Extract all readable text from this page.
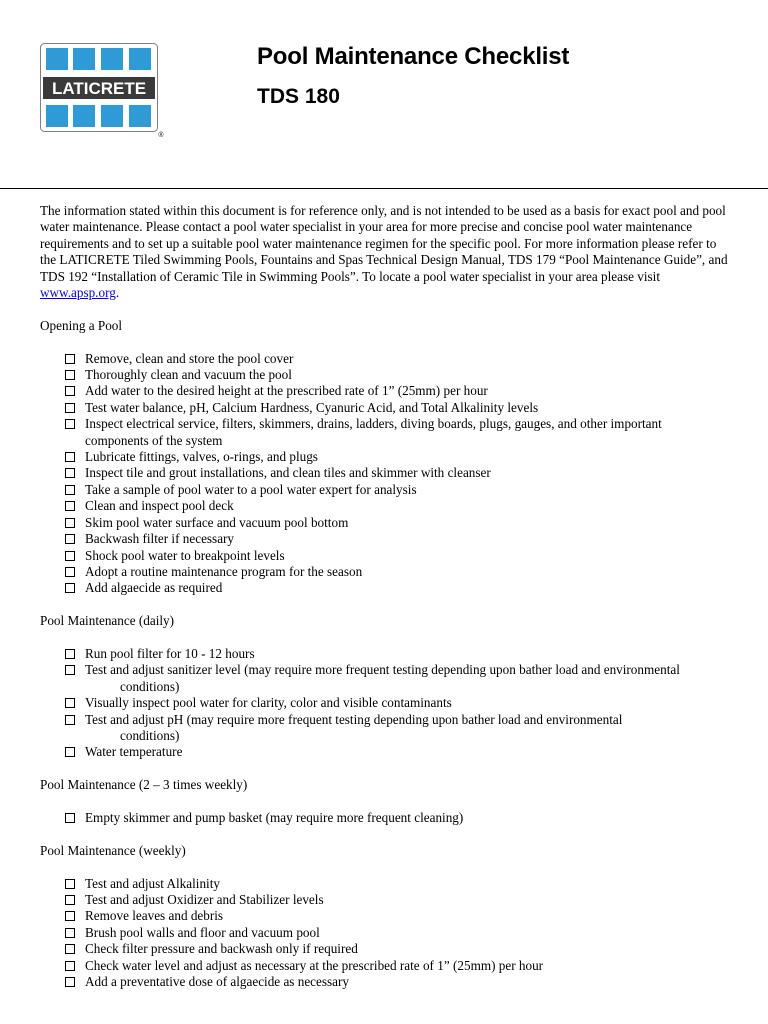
LATICRETE
®
Pool Maintenance Checklist
TDS 180

The information stated within this document is for reference only, and is not intended to be used as a basis for exact pool and pool water maintenance. Please contact a pool water specialist in your area for more precise and concise pool water maintenance requirements and to set up a suitable pool water maintenance regimen for the specific pool. For more information please refer to the LATICRETE Tiled Swimming Pools, Fountains and Spas Technical Design Manual, TDS 179 “Pool Maintenance Guide”, and TDS 192 “Installation of Ceramic Tile in Swimming Pools”. To locate a pool water specialist in your area please visit www.apsp.org.

Opening a Pool

Remove, clean and store the pool cover
Thoroughly clean and vacuum the pool
Add water to the desired height at the prescribed rate of 1” (25mm) per hour
Test water balance, pH, Calcium Hardness, Cyanuric Acid, and Total Alkalinity levels
Inspect electrical service, filters, skimmers, drains, ladders, diving boards, plugs, gauges, and other important
components of the system
Lubricate fittings, valves, o-rings, and plugs
Inspect tile and grout installations, and clean tiles and skimmer with cleanser
Take a sample of pool water to a pool water expert for analysis
Clean and inspect pool deck
Skim pool water surface and vacuum pool bottom
Backwash filter if necessary
Shock pool water to breakpoint levels
Adopt a routine maintenance program for the season
Add algaecide as required

Pool Maintenance (daily)

Run pool filter for 10 - 12 hours
Test and adjust sanitizer level (may require more frequent testing depending upon bather load and environmental
conditions)
Visually inspect pool water for clarity, color and visible contaminants
Test and adjust pH (may require more frequent testing depending upon bather load and environmental
conditions)
Water temperature

Pool Maintenance (2 – 3 times weekly)

Empty skimmer and pump basket (may require more frequent cleaning)

Pool Maintenance (weekly)

Test and adjust Alkalinity
Test and adjust Oxidizer and Stabilizer levels
Remove leaves and debris
Brush pool walls and floor and vacuum pool
Check filter pressure and backwash only if required
Check water level and adjust as necessary at the prescribed rate of 1” (25mm) per hour
Add a preventative dose of algaecide as necessary
